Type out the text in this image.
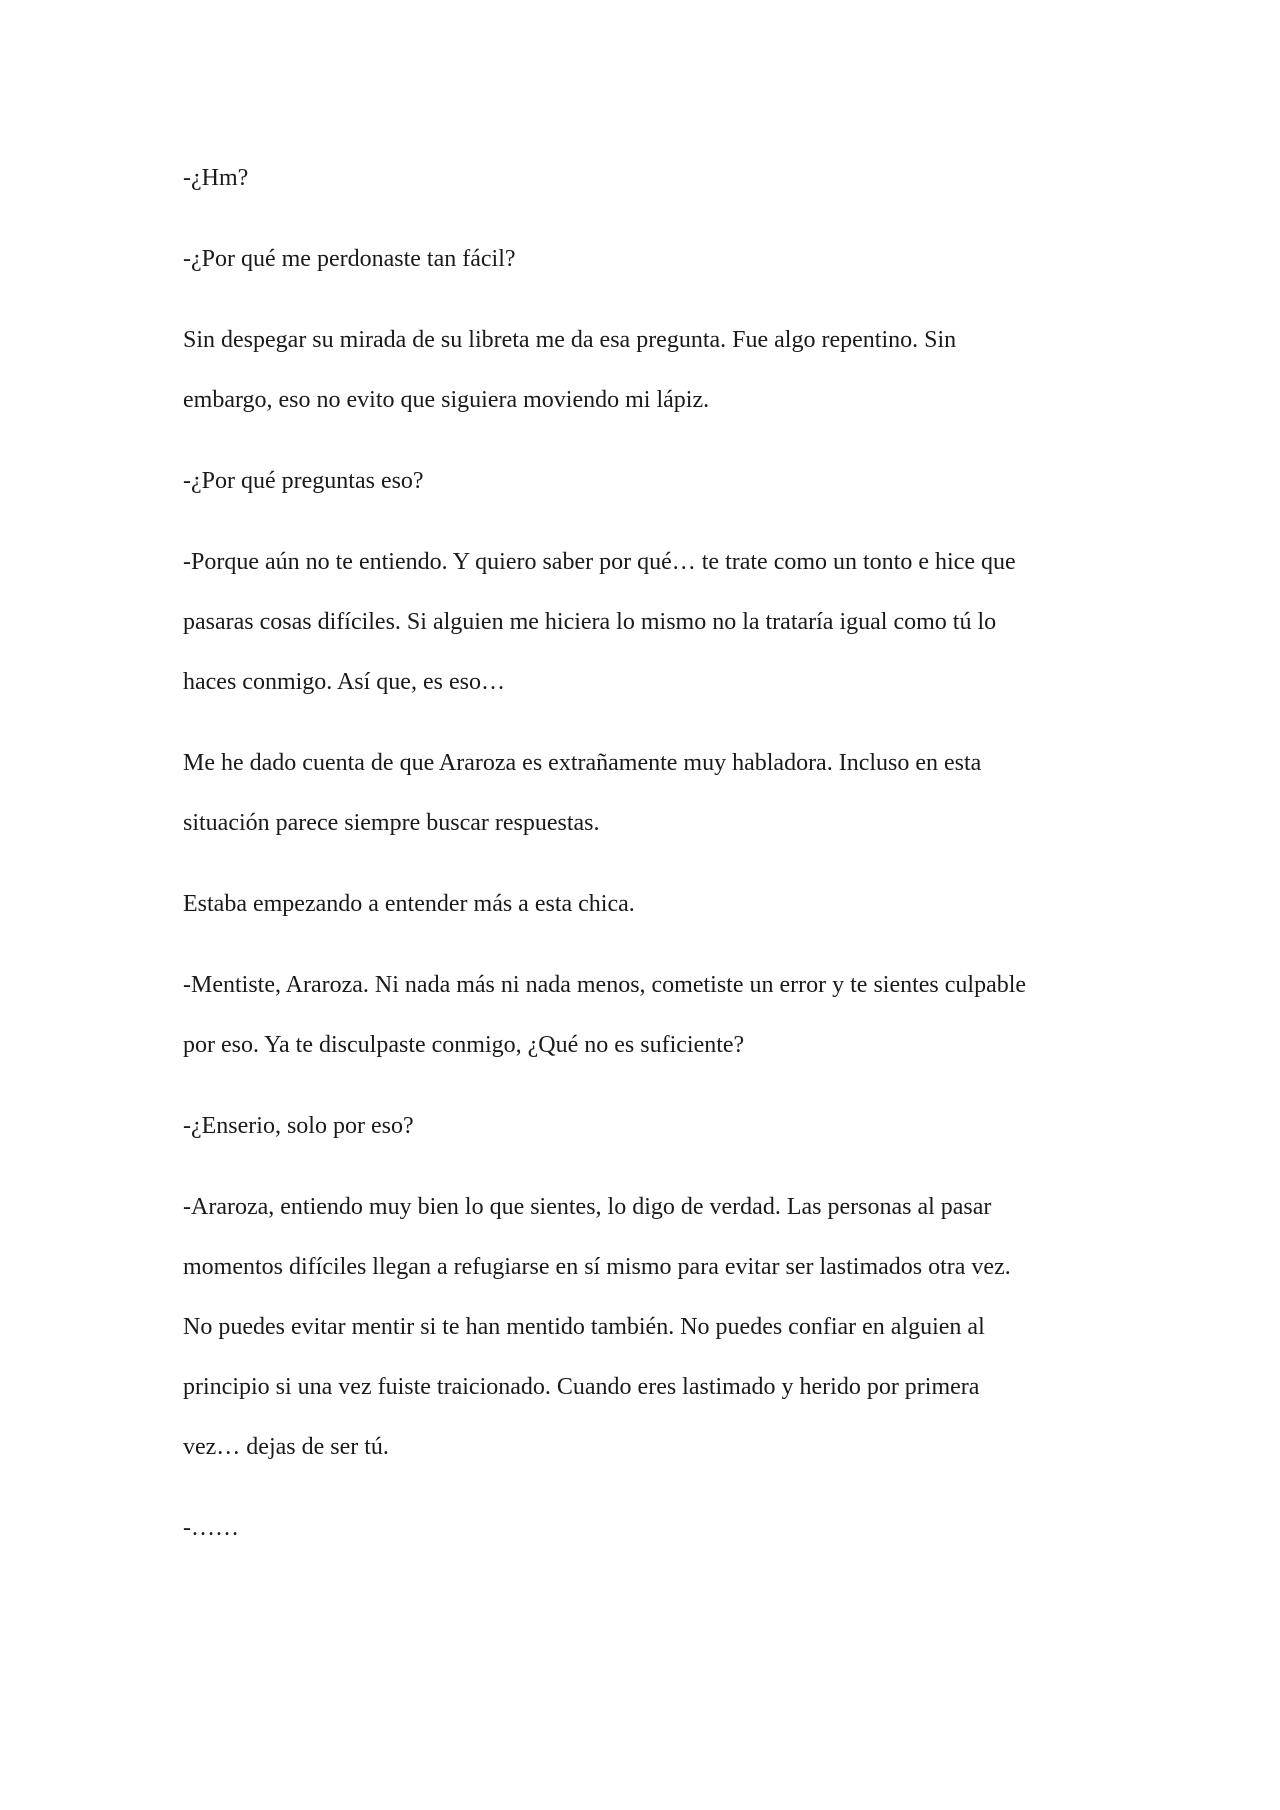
-¿Hm?

-¿Por qué me perdonaste tan fácil?

Sin despegar su mirada de su libreta me da esa pregunta. Fue algo repentino. Sin
embargo, eso no evito que siguiera moviendo mi lápiz.

-¿Por qué preguntas eso?

-Porque aún no te entiendo. Y quiero saber por qué… te trate como un tonto e hice que
pasaras cosas difíciles. Si alguien me hiciera lo mismo no la trataría igual como tú lo
haces conmigo. Así que, es eso…

Me he dado cuenta de que Araroza es extrañamente muy habladora. Incluso en esta
situación parece siempre buscar respuestas.

Estaba empezando a entender más a esta chica.

-Mentiste, Araroza. Ni nada más ni nada menos, cometiste un error y te sientes culpable
por eso. Ya te disculpaste conmigo, ¿Qué no es suficiente?

-¿Enserio, solo por eso?

-Araroza, entiendo muy bien lo que sientes, lo digo de verdad. Las personas al pasar
momentos difíciles llegan a refugiarse en sí mismo para evitar ser lastimados otra vez.
No puedes evitar mentir si te han mentido también. No puedes confiar en alguien al
principio si una vez fuiste traicionado. Cuando eres lastimado y herido por primera
vez… dejas de ser tú.

-……
